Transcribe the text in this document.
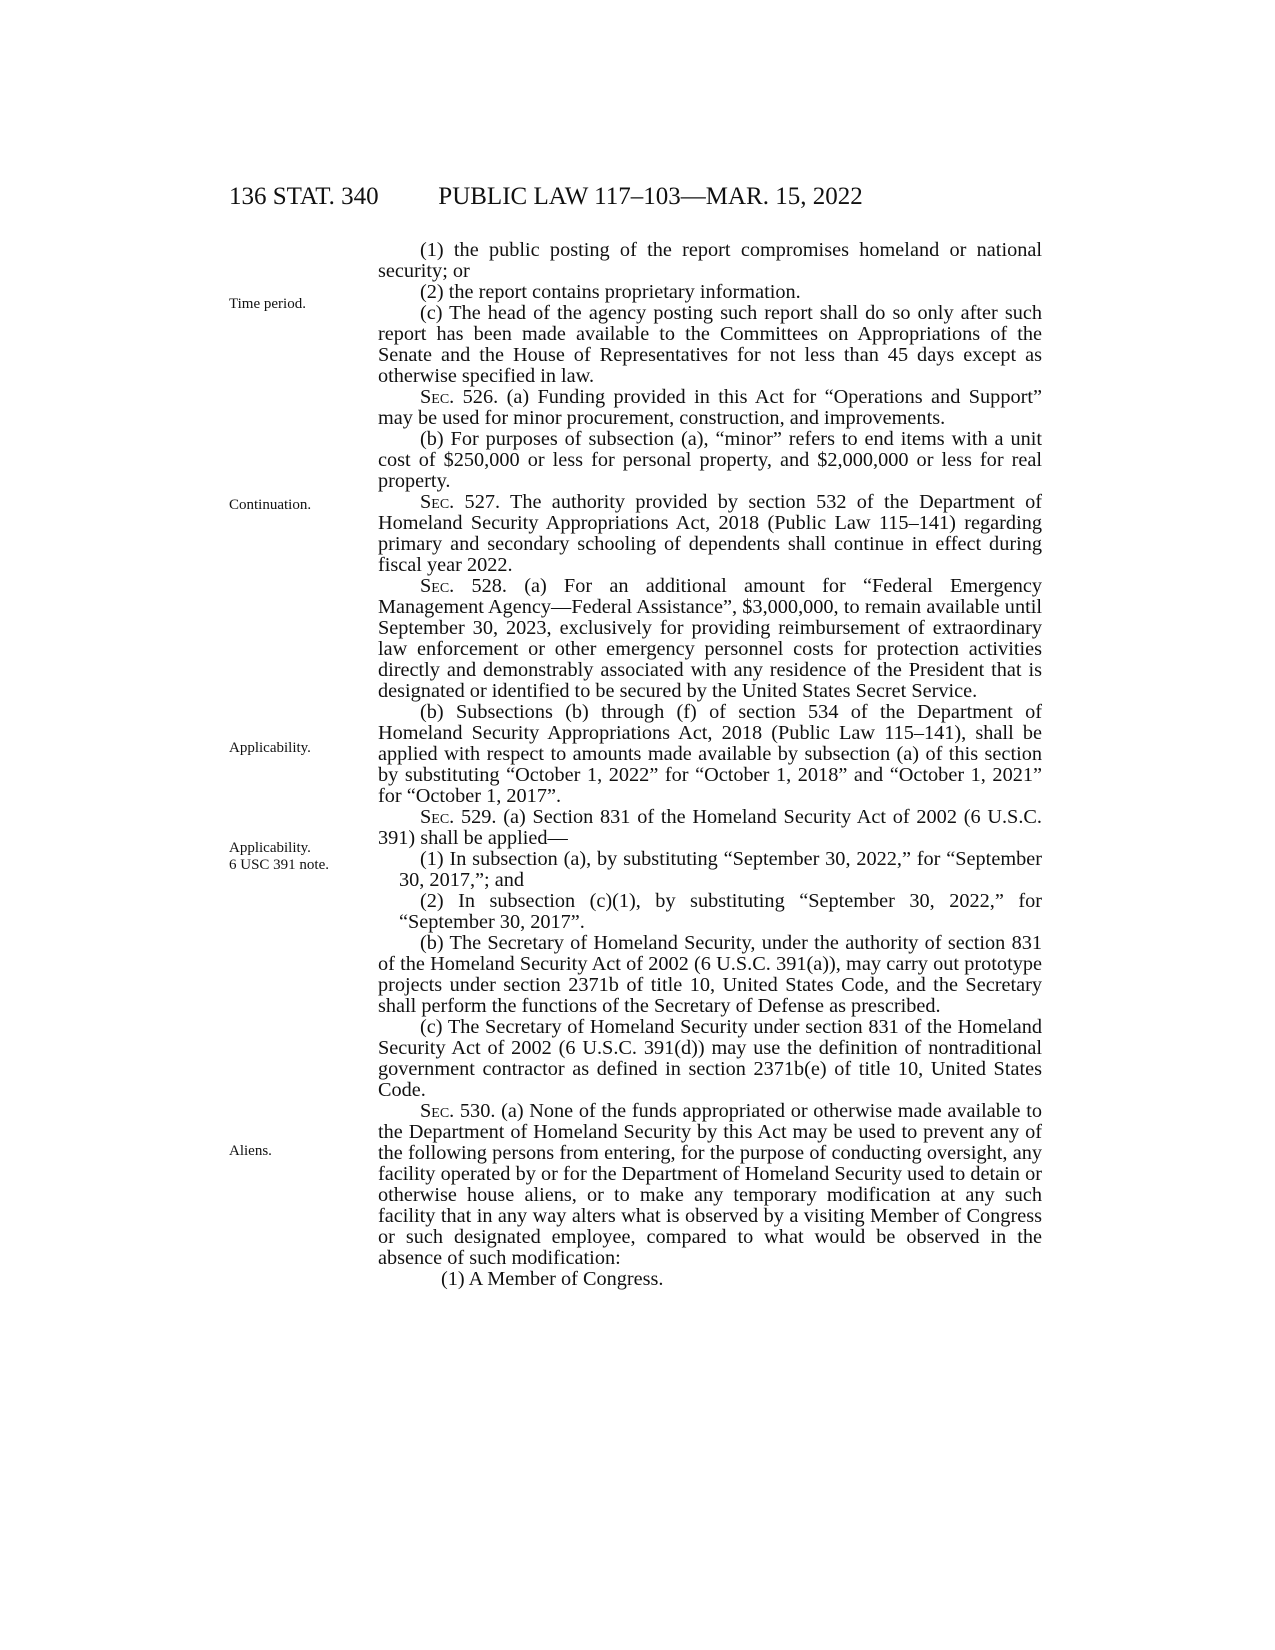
136 STAT. 340	PUBLIC LAW 117–103—MAR. 15, 2022
Time period.
Continuation.
Applicability.
Applicability.
6 USC 391 note.
Aliens.

(1) the public posting of the report compromises homeland or national security; or

(2) the report contains proprietary information.

(c) The head of the agency posting such report shall do so only after such report has been made available to the Committees on Appropriations of the Senate and the House of Representatives for not less than 45 days except as otherwise specified in law.

Sec. 526. (a) Funding provided in this Act for “Operations and Support” may be used for minor procurement, construction, and improvements.

(b) For purposes of subsection (a), “minor” refers to end items with a unit cost of $250,000 or less for personal property, and $2,000,000 or less for real property.

Sec. 527. The authority provided by section 532 of the Department of Homeland Security Appropriations Act, 2018 (Public Law 115–141) regarding primary and secondary schooling of dependents shall continue in effect during fiscal year 2022.

Sec. 528. (a) For an additional amount for “Federal Emergency Management Agency—Federal Assistance”, $3,000,000, to remain available until September 30, 2023, exclusively for providing reimbursement of extraordinary law enforcement or other emergency personnel costs for protection activities directly and demonstrably associated with any residence of the President that is designated or identified to be secured by the United States Secret Service.

(b) Subsections (b) through (f) of section 534 of the Department of Homeland Security Appropriations Act, 2018 (Public Law 115–141), shall be applied with respect to amounts made available by subsection (a) of this section by substituting “October 1, 2022” for “October 1, 2018” and “October 1, 2021” for “October 1, 2017”.

Sec. 529. (a) Section 831 of the Homeland Security Act of 2002 (6 U.S.C. 391) shall be applied—

(1) In subsection (a), by substituting “September 30, 2022,” for “September 30, 2017,”; and

(2) In subsection (c)(1), by substituting “September 30, 2022,” for “September 30, 2017”.

(b) The Secretary of Homeland Security, under the authority of section 831 of the Homeland Security Act of 2002 (6 U.S.C. 391(a)), may carry out prototype projects under section 2371b of title 10, United States Code, and the Secretary shall perform the functions of the Secretary of Defense as prescribed.

(c) The Secretary of Homeland Security under section 831 of the Homeland Security Act of 2002 (6 U.S.C. 391(d)) may use the definition of nontraditional government contractor as defined in section 2371b(e) of title 10, United States Code.

Sec. 530. (a) None of the funds appropriated or otherwise made available to the Department of Homeland Security by this Act may be used to prevent any of the following persons from entering, for the purpose of conducting oversight, any facility operated by or for the Department of Homeland Security used to detain or otherwise house aliens, or to make any temporary modification at any such facility that in any way alters what is observed by a visiting Member of Congress or such designated employee, compared to what would be observed in the absence of such modification:

(1) A Member of Congress.
